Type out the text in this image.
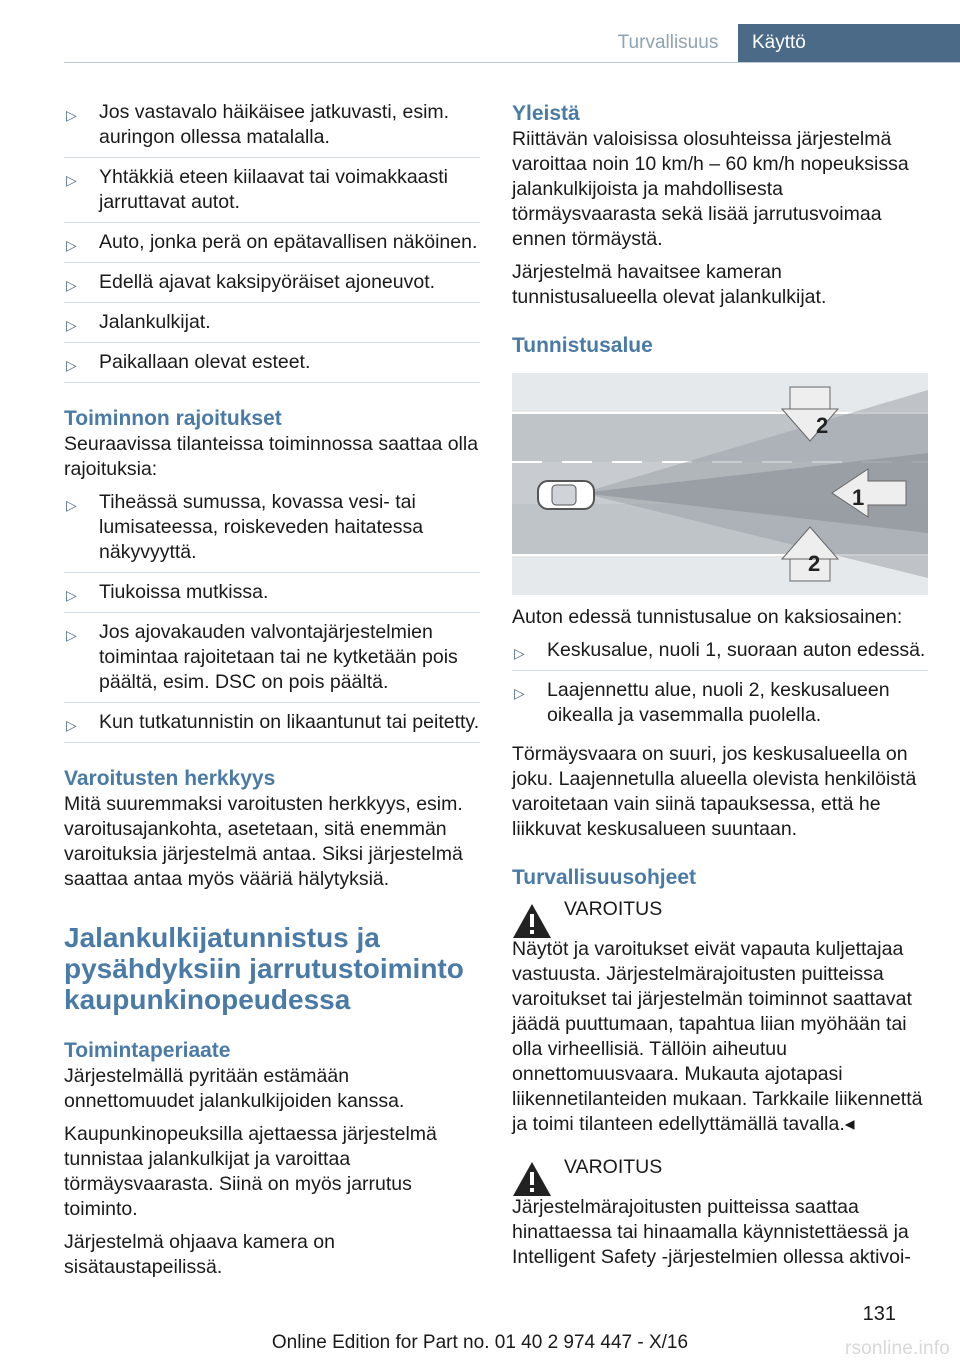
Turvallisuus	Käyttö
▷ Jos vastavalo häikäisee jatkuvasti, esim. auringon ollessa matalalla.
▷ Yhtäkkiä eteen kiilaavat tai voimakkaasti jarruttavat autot.
▷ Auto, jonka perä on epätavallisen näköinen.
▷ Edellä ajavat kaksipyöräiset ajoneuvot.
▷ Jalankulkijat.
▷ Paikallaan olevat esteet.
Toiminnon rajoitukset

Seuraavissa tilanteissa toiminnossa saattaa olla rajoituksia:

▷ Tiheässä sumussa, kovassa vesi- tai lumisateessa, roiskeveden haitatessa näkyvyyttä.
▷ Tiukoissa mutkissa.
▷ Jos ajovakauden valvontajärjestelmien toimintaa rajoitetaan tai ne kytketään pois päältä, esim. DSC on pois päältä.
▷ Kun tutkatunnistin on likaantunut tai peitetty.
Varoitusten herkkyys

Mitä suuremmaksi varoitusten herkkyys, esim. varoitusajankohta, asetetaan, sitä enemmän varoituksia järjestelmä antaa. Siksi järjestelmä saattaa antaa myös vääriä hälytyksiä.

Jalankulkijatunnistus ja pysähdyksiin jarrutustoiminto kaupunkinopeudessa
Toimintaperiaate

Järjestelmällä pyritään estämään onnettomuudet jalankulkijoiden kanssa.

Kaupunkinopeuksilla ajettaessa järjestelmä tunnistaa jalankulkijat ja varoittaa törmäysvaarasta. Siinä on myös jarrutus toiminto.

Järjestelmä ohjaava kamera on sisätaustapeilissä.

Yleistä

Riittävän valoisissa olosuhteissa järjestelmä varoittaa noin 10 km/h – 60 km/h nopeuksissa jalankulkijoista ja mahdollisesta törmäysvaarasta sekä lisää jarrutusvoimaa ennen törmäystä.

Järjestelmä havaitsee kameran tunnistusalueella olevat jalankulkijat.

Tunnistusalue
2
1
2

Auton edessä tunnistusalue on kaksiosainen:

▷ Keskusalue, nuoli 1, suoraan auton edessä.
▷ Laajennettu alue, nuoli 2, keskusalueen oikealla ja vasemmalla puolella.

Törmäysvaara on suuri, jos keskusalueella on joku. Laajennetulla alueella olevista henkilöistä varoitetaan vain siinä tapauksessa, että he liikkuvat keskusalueen suuntaan.

Turvallisuusohjeet
VAROITUS

Näytöt ja varoitukset eivät vapauta kuljettajaa vastuusta. Järjestelmärajoitusten puitteissa varoitukset tai järjestelmän toiminnot saattavat jäädä puuttumaan, tapahtua liian myöhään tai olla virheellisiä. Tällöin aiheutuu onnettomuusvaara. Mukauta ajotapasi liikennetilanteiden mukaan. Tarkkaile liikennettä ja toimi tilanteen edellyttämällä tavalla.◂

VAROITUS

Järjestelmärajoitusten puitteissa saattaa hinattaessa tai hinaamalla käynnistettäessä ja Intelligent Safety -järjestelmien ollessa aktivoi-

131
Online Edition for Part no. 01 40 2 974 447 - X/16	rsonline.info
